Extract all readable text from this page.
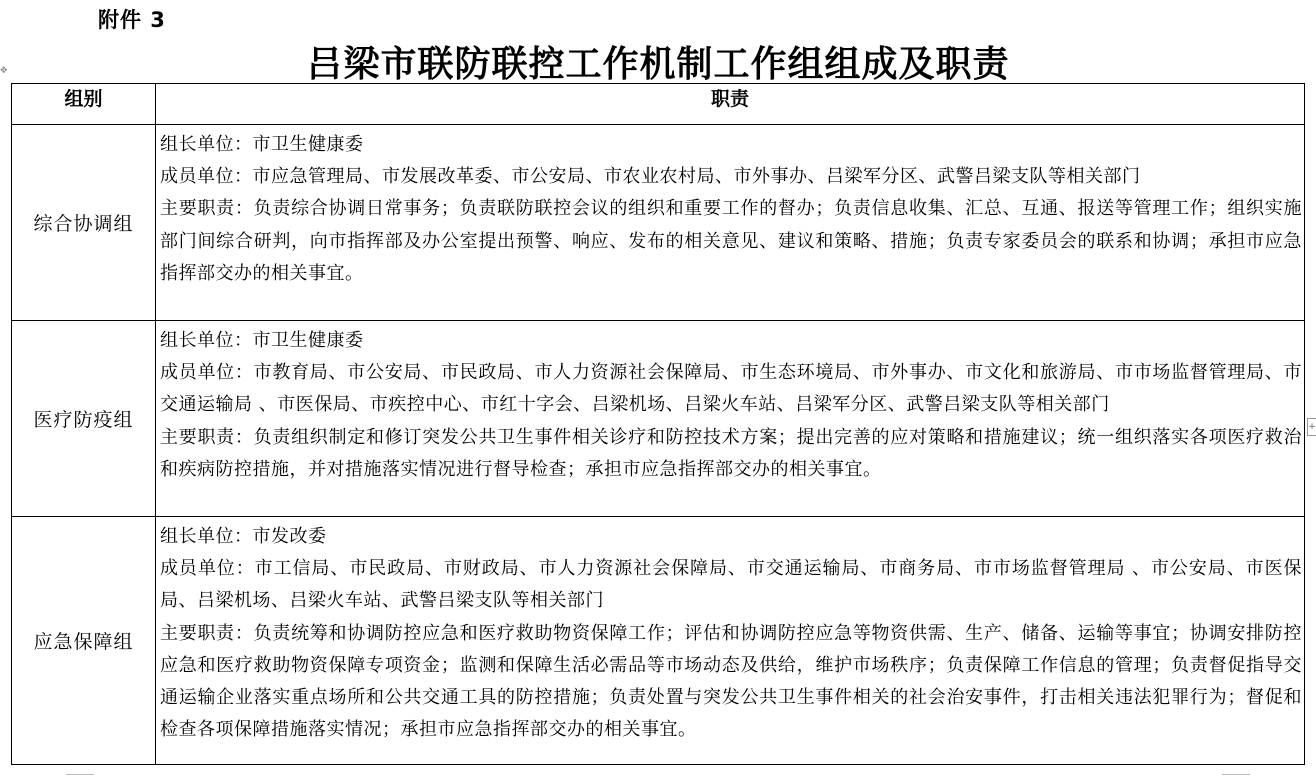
附件 3
吕梁市联防联控工作机制工作组组成及职责
✥
+
组别	职责
综合协调组	组长单位：市卫生健康委
成员单位：市应急管理局、市发展改革委、市公安局、市农业农村局、市外事办、吕梁军分区、武警吕梁支队等相关部门
主要职责：负责综合协调日常事务；负责联防联控会议的组织和重要工作的督办；负责信息收集、汇总、互通、报送等管理工作；组织实施部门间综合研判，向市指挥部及办公室提出预警、响应、发布的相关意见、建议和策略、措施；负责专家委员会的联系和协调；承担市应急指挥部交办的相关事宜。

医疗防疫组	组长单位：市卫生健康委
成员单位：市教育局、市公安局、市民政局、市人力资源社会保障局、市生态环境局、市外事办、市文化和旅游局、市市场监督管理局、市交通运输局 、市医保局、市疾控中心、市红十字会、吕梁机场、吕梁火车站、吕梁军分区、武警吕梁支队等相关部门
主要职责：负责组织制定和修订突发公共卫生事件相关诊疗和防控技术方案；提出完善的应对策略和措施建议；统一组织落实各项医疗救治和疾病防控措施，并对措施落实情况进行督导检查；承担市应急指挥部交办的相关事宜。

应急保障组	组长单位：市发改委
成员单位：市工信局、市民政局、市财政局、市人力资源社会保障局、市交通运输局、市商务局、市市场监督管理局 、市公安局、市医保局、吕梁机场、吕梁火车站、武警吕梁支队等相关部门
主要职责：负责统筹和协调防控应急和医疗救助物资保障工作；评估和协调防控应急等物资供需、生产、储备、运输等事宜；协调安排防控应急和医疗救助物资保障专项资金；监测和保障生活必需品等市场动态及供给，维护市场秩序；负责保障工作信息的管理；负责督促指导交通运输企业落实重点场所和公共交通工具的防控措施；负责处置与突发公共卫生事件相关的社会治安事件，打击相关违法犯罪行为；督促和检查各项保障措施落实情况；承担市应急指挥部交办的相关事宜。
